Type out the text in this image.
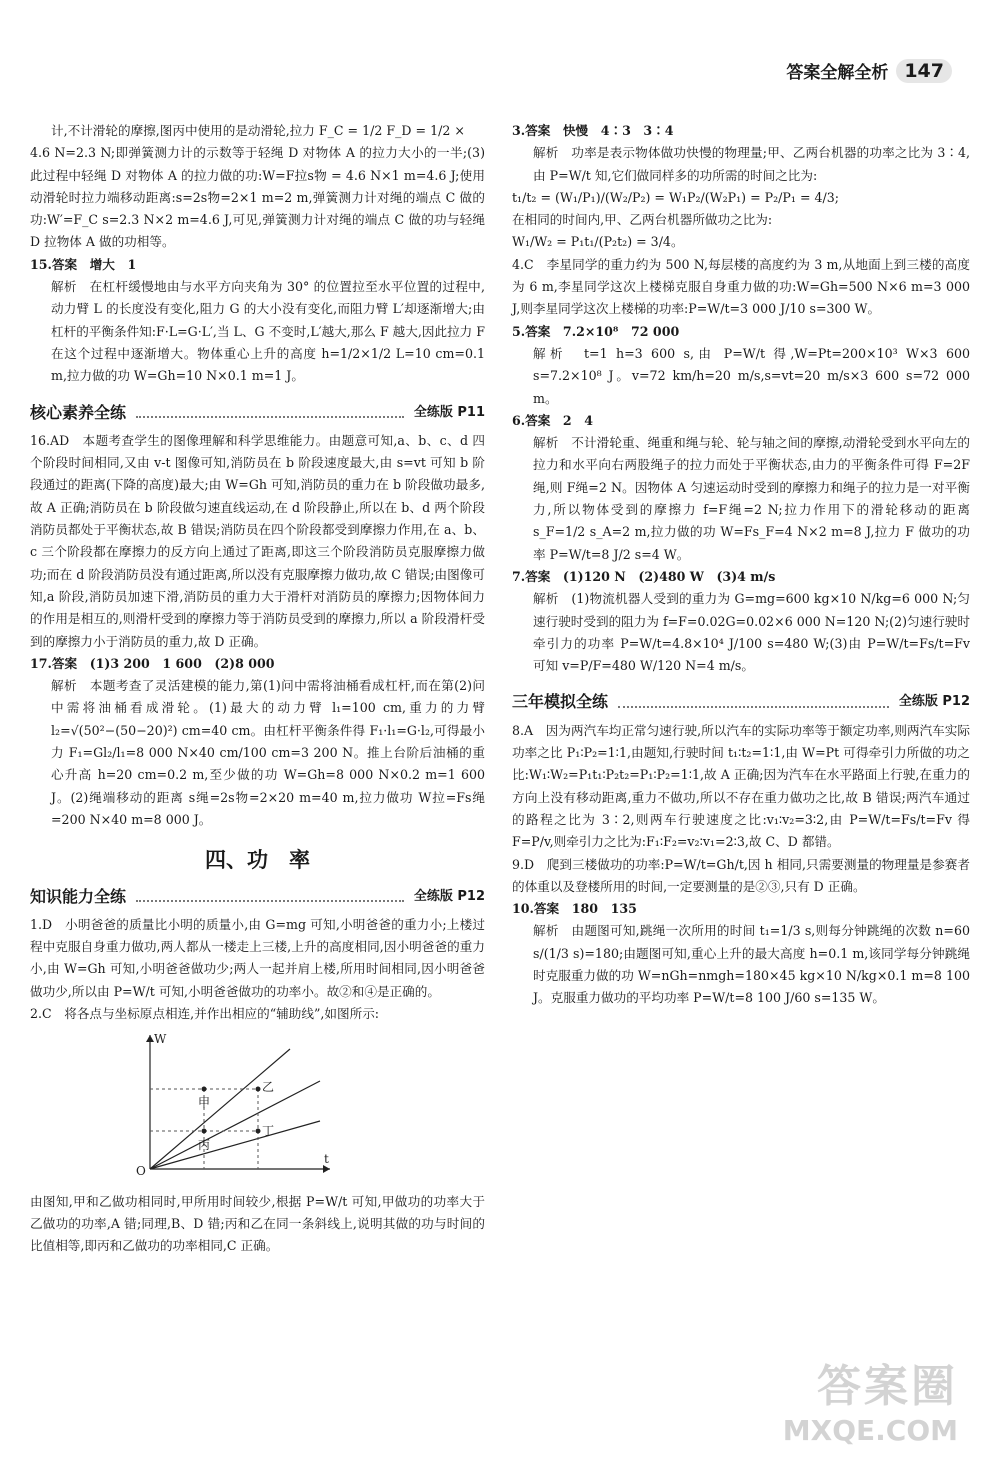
答案全解全析 147

计,不计滑轮的摩擦,图丙中使用的是动滑轮,拉力 F_C = 1/2 F_D = 1/2 ×

4.6 N=2.3 N;即弹簧测力计的示数等于轻绳 D 对物体 A 的拉力大小的一半;(3)此过程中轻绳 D 对物体 A 的拉力做的功:W=F拉s物 = 4.6 N×1 m=4.6 J;使用动滑轮时拉力端移动距离:s=2s物=2×1 m=2 m,弹簧测力计对绳的端点 C 做的功:W′=F_C s=2.3 N×2 m=4.6 J,可见,弹簧测力计对绳的端点 C 做的功与轻绳 D 拉物体 A 做的功相等。

15.答案　增大　1

解析　在杠杆缓慢地由与水平方向夹角为 30° 的位置拉至水平位置的过程中,动力臂 L 的长度没有变化,阻力 G 的大小没有变化,而阻力臂 L′却逐渐增大;由杠杆的平衡条件知:F·L=G·L′,当 L、G 不变时,L′越大,那么 F 越大,因此拉力 F 在这个过程中逐渐增大。物体重心上升的高度 h=1/2×1/2 L=10 cm=0.1 m,拉力做的功 W=Gh=10 N×0.1 m=1 J。

核心素养全练	全练版 P11

16.AD　本题考查学生的图像理解和科学思维能力。由题意可知,a、b、c、d 四个阶段时间相同,又由 v-t 图像可知,消防员在 b 阶段速度最大,由 s=vt 可知 b 阶段通过的距离(下降的高度)最大;由 W=Gh 可知,消防员的重力在 b 阶段做功最多,故 A 正确;消防员在 b 阶段做匀速直线运动,在 d 阶段静止,所以在 b、d 两个阶段消防员都处于平衡状态,故 B 错误;消防员在四个阶段都受到摩擦力作用,在 a、b、c 三个阶段都在摩擦力的反方向上通过了距离,即这三个阶段消防员克服摩擦力做功;而在 d 阶段消防员没有通过距离,所以没有克服摩擦力做功,故 C 错误;由图像可知,a 阶段,消防员加速下滑,消防员的重力大于滑杆对消防员的摩擦力;因物体间力的作用是相互的,则滑杆受到的摩擦力等于消防员受到的摩擦力,所以 a 阶段滑杆受到的摩擦力小于消防员的重力,故 D 正确。

17.答案　(1)3 200　1 600　(2)8 000

解析　本题考查了灵活建模的能力,第(1)问中需将油桶看成杠杆,而在第(2)问中需将油桶看成滑轮。(1)最大的动力臂 l₁=100 cm,重力的力臂 l₂=√(50²−(50−20)²) cm=40 cm。由杠杆平衡条件得 F₁·l₁=G·l₂,可得最小力 F₁=Gl₂/l₁=8 000 N×40 cm/100 cm=3 200 N。推上台阶后油桶的重心升高 h=20 cm=0.2 m,至少做的功 W=Gh=8 000 N×0.2 m=1 600 J。(2)绳端移动的距离 s绳=2s物=2×20 m=40 m,拉力做功 W拉=Fs绳=200 N×40 m=8 000 J。

四、功　率
知识能力全练	全练版 P12

1.D　小明爸爸的质量比小明的质量小,由 G=mg 可知,小明爸爸的重力小;上楼过程中克服自身重力做功,两人都从一楼走上三楼,上升的高度相同,因小明爸爸的重力小,由 W=Gh 可知,小明爸爸做功少;两人一起并肩上楼,所用时间相同,因小明爸爸做功少,所以由 P=W/t 可知,小明爸爸做功的功率小。故②和④是正确的。

2.C　将各点与坐标原点相连,并作出相应的“辅助线”,如图所示:

W
t
O
甲
乙
丙
丁

由图知,甲和乙做功相同时,甲所用时间较少,根据 P=W/t 可知,甲做功的功率大于乙做功的功率,A 错;同理,B、D 错;丙和乙在同一条斜线上,说明其做的功与时间的比值相等,即丙和乙做功的功率相同,C 正确。

3.答案　快慢　4∶3　3∶4

解析　功率是表示物体做功快慢的物理量;甲、乙两台机器的功率之比为 3∶4,由 P=W/t 知,它们做同样多的功所需的时间之比为:

t₁/t₂ = (W₁/P₁)/(W₂/P₂) = W₁P₂/(W₂P₁) = P₂/P₁ = 4/3;

在相同的时间内,甲、乙两台机器所做功之比为:

W₁/W₂ = P₁t₁/(P₂t₂) = 3/4。

4.C　李星同学的重力约为 500 N,每层楼的高度约为 3 m,从地面上到三楼的高度为 6 m,李星同学这次上楼梯克服自身重力做的功:W=Gh=500 N×6 m=3 000 J,则李星同学这次上楼梯的功率:P=W/t=3 000 J/10 s=300 W。

5.答案　7.2×10⁸　72 000

解析　t=1 h=3 600 s,由 P=W/t 得,W=Pt=200×10³ W×3 600 s=7.2×10⁸ J。v=72 km/h=20 m/s,s=vt=20 m/s×3 600 s=72 000 m。

6.答案　2　4

解析　不计滑轮重、绳重和绳与轮、轮与轴之间的摩擦,动滑轮受到水平向左的拉力和水平向右两股绳子的拉力而处于平衡状态,由力的平衡条件可得 F=2F绳,则 F绳=2 N。因物体 A 匀速运动时受到的摩擦力和绳子的拉力是一对平衡力,所以物体受到的摩擦力 f=F绳=2 N;拉力作用下的滑轮移动的距离 s_F=1/2 s_A=2 m,拉力做的功 W=Fs_F=4 N×2 m=8 J,拉力 F 做功的功率 P=W/t=8 J/2 s=4 W。

7.答案　(1)120 N　(2)480 W　(3)4 m/s

解析　(1)物流机器人受到的重力为 G=mg=600 kg×10 N/kg=6 000 N;匀速行驶时受到的阻力为 f=F=0.02G=0.02×6 000 N=120 N;(2)匀速行驶时牵引力的功率 P=W/t=4.8×10⁴ J/100 s=480 W;(3)由 P=W/t=Fs/t=Fv 可知 v=P/F=480 W/120 N=4 m/s。

三年模拟全练	全练版 P12

8.A　因为两汽车均正常匀速行驶,所以汽车的实际功率等于额定功率,则两汽车实际功率之比 P₁∶P₂=1∶1,由题知,行驶时间 t₁∶t₂=1∶1,由 W=Pt 可得牵引力所做的功之比:W₁∶W₂=P₁t₁∶P₂t₂=P₁∶P₂=1∶1,故 A 正确;因为汽车在水平路面上行驶,在重力的方向上没有移动距离,重力不做功,所以不存在重力做功之比,故 B 错误;两汽车通过的路程之比为 3∶2,则两车行驶速度之比:v₁∶v₂=3∶2,由 P=W/t=Fs/t=Fv 得 F=P/v,则牵引力之比为:F₁∶F₂=v₂∶v₁=2∶3,故 C、D 都错。

9.D　爬到三楼做功的功率:P=W/t=Gh/t,因 h 相同,只需要测量的物理量是参赛者的体重以及登楼所用的时间,一定要测量的是②③,只有 D 正确。

10.答案　180　135

解析　由题图可知,跳绳一次所用的时间 t₁=1/3 s,则每分钟跳绳的次数 n=60 s/(1/3 s)=180;由题图可知,重心上升的最大高度 h=0.1 m,该同学每分钟跳绳时克服重力做的功 W=nGh=nmgh=180×45 kg×10 N/kg×0.1 m=8 100 J。克服重力做功的平均功率 P=W/t=8 100 J/60 s=135 W。

答案圈
MXQE.COM
